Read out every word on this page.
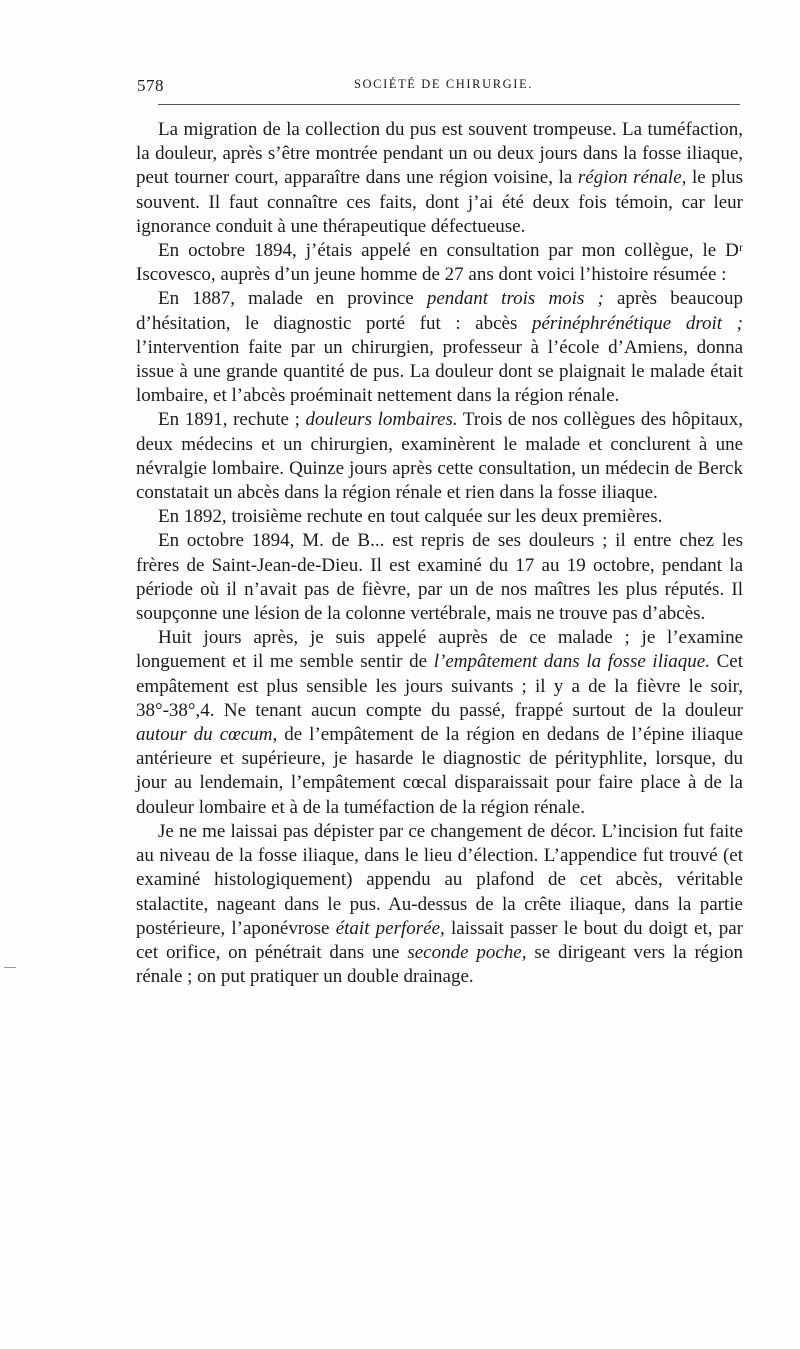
578	SOCIÉTÉ DE CHIRURGIE.

La migration de la collection du pus est souvent trompeuse. La tuméfaction, la douleur, après s’être montrée pendant un ou deux jours dans la fosse iliaque, peut tourner court, apparaître dans une région voisine, la région rénale, le plus souvent. Il faut connaître ces faits, dont j’ai été deux fois témoin, car leur ignorance conduit à une thérapeutique défectueuse.

En octobre 1894, j’étais appelé en consultation par mon collègue, le Dʳ Iscovesco, auprès d’un jeune homme de 27 ans dont voici l’histoire résumée :

En 1887, malade en province pendant trois mois ; après beaucoup d’hésitation, le diagnostic porté fut : abcès périnéphrénétique droit ; l’intervention faite par un chirurgien, professeur à l’école d’Amiens, donna issue à une grande quantité de pus. La douleur dont se plaignait le malade était lombaire, et l’abcès proéminait nettement dans la région rénale.

En 1891, rechute ; douleurs lombaires. Trois de nos collègues des hôpitaux, deux médecins et un chirurgien, examinèrent le malade et conclurent à une névralgie lombaire. Quinze jours après cette consultation, un médecin de Berck constatait un abcès dans la région rénale et rien dans la fosse iliaque.

En 1892, troisième rechute en tout calquée sur les deux premières.

En octobre 1894, M. de B... est repris de ses douleurs ; il entre chez les frères de Saint-Jean-de-Dieu. Il est examiné du 17 au 19 octobre, pendant la période où il n’avait pas de fièvre, par un de nos maîtres les plus réputés. Il soupçonne une lésion de la colonne vertébrale, mais ne trouve pas d’abcès.

Huit jours après, je suis appelé auprès de ce malade ; je l’examine longuement et il me semble sentir de l’empâtement dans la fosse iliaque. Cet empâtement est plus sensible les jours suivants ; il y a de la fièvre le soir, 38°-38°,4. Ne tenant aucun compte du passé, frappé surtout de la douleur autour du cœcum, de l’empâtement de la région en dedans de l’épine iliaque antérieure et supérieure, je hasarde le diagnostic de pérityphlite, lorsque, du jour au lendemain, l’empâtement cœcal disparaissait pour faire place à de la douleur lombaire et à de la tuméfaction de la région rénale.

Je ne me laissai pas dépister par ce changement de décor. L’incision fut faite au niveau de la fosse iliaque, dans le lieu d’élection. L’appendice fut trouvé (et examiné histologiquement) appendu au plafond de cet abcès, véritable stalactite, nageant dans le pus. Au-dessus de la crête iliaque, dans la partie postérieure, l’aponévrose était perforée, laissait passer le bout du doigt et, par cet orifice, on pénétrait dans une seconde poche, se dirigeant vers la région rénale ; on put pratiquer un double drainage.
